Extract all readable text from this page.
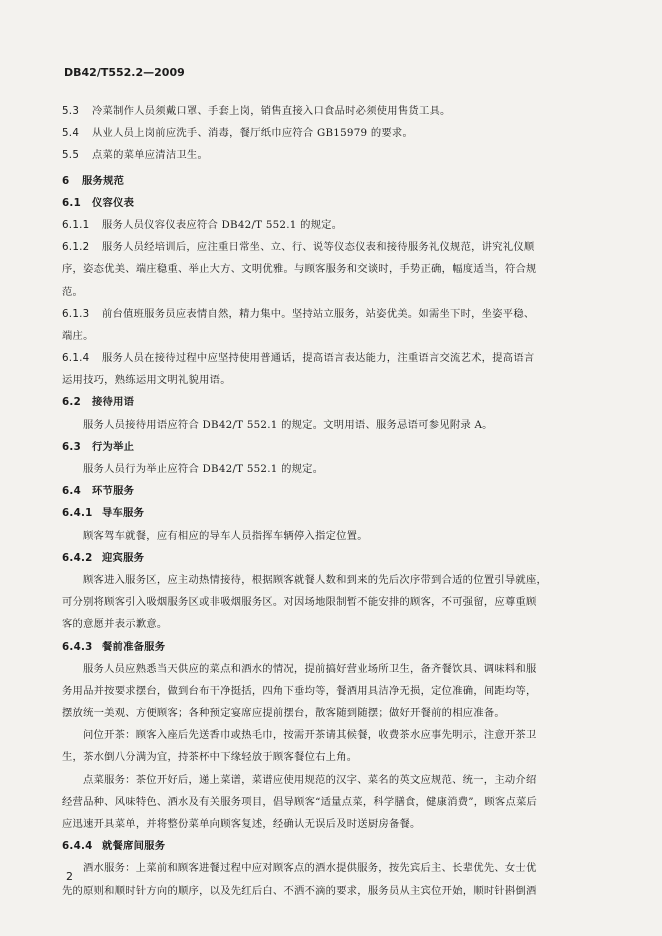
DB42/T552.2—2009
5.3 冷菜制作人员须戴口罩、手套上岗，销售直接入口食品时必须使用售货工具。
5.4 从业人员上岗前应洗手、消毒，餐厅纸巾应符合 GB15979 的要求。
5.5 点菜的菜单应清洁卫生。
6 服务规范
6.1 仪容仪表
6.1.1 服务人员仪容仪表应符合 DB42/T 552.1 的规定。
6.1.2 服务人员经培训后，应注重日常坐、立、行、说等仪态仪表和接待服务礼仪规范，讲究礼仪顺
序，姿态优美、端庄稳重、举止大方、文明优雅。与顾客服务和交谈时，手势正确，幅度适当，符合规
范。
6.1.3 前台值班服务员应表情自然，精力集中。坚持站立服务，站姿优美。如需坐下时，坐姿平稳、
端庄。
6.1.4 服务人员在接待过程中应坚持使用普通话，提高语言表达能力，注重语言交流艺术，提高语言
运用技巧，熟练运用文明礼貌用语。
6.2 接待用语
服务人员接待用语应符合 DB42/T 552.1 的规定。文明用语、服务忌语可参见附录 A。
6.3 行为举止
服务人员行为举止应符合 DB42/T 552.1 的规定。
6.4 环节服务
6.4.1 导车服务
顾客驾车就餐，应有相应的导车人员指挥车辆停入指定位置。
6.4.2 迎宾服务
顾客进入服务区，应主动热情接待，根据顾客就餐人数和到来的先后次序带到合适的位置引导就座，
可分别将顾客引入吸烟服务区或非吸烟服务区。对因场地限制暂不能安排的顾客，不可强留，应尊重顾
客的意愿并表示歉意。
6.4.3 餐前准备服务
服务人员应熟悉当天供应的菜点和酒水的情况，提前搞好营业场所卫生，备齐餐饮具、调味料和服
务用品并按要求摆台，做到台布干净挺括，四角下垂均等，餐酒用具洁净无损，定位准确，间距均等，
摆放统一美观、方便顾客；各种预定宴席应提前摆台，散客随到随摆；做好开餐前的相应准备。
问位开茶：顾客入座后先送香巾或热毛巾，按需开茶请其候餐，收费茶水应事先明示，注意开茶卫
生，茶水倒八分满为宜，持茶杯中下缘轻放于顾客餐位右上角。
点菜服务：茶位开好后，递上菜谱，菜谱应使用规范的汉字、菜名的英文应规范、统一，主动介绍
经营品种、风味特色、酒水及有关服务项目，倡导顾客“适量点菜，科学膳食，健康消费”，顾客点菜后
应迅速开具菜单，并将整份菜单向顾客复述，经确认无误后及时送厨房备餐。
6.4.4 就餐席间服务
酒水服务：上菜前和顾客进餐过程中应对顾客点的酒水提供服务，按先宾后主、长辈优先、女士优
先的原则和顺时针方向的顺序，以及先红后白、不洒不滴的要求，服务员从主宾位开始，顺时针斟倒酒
2
